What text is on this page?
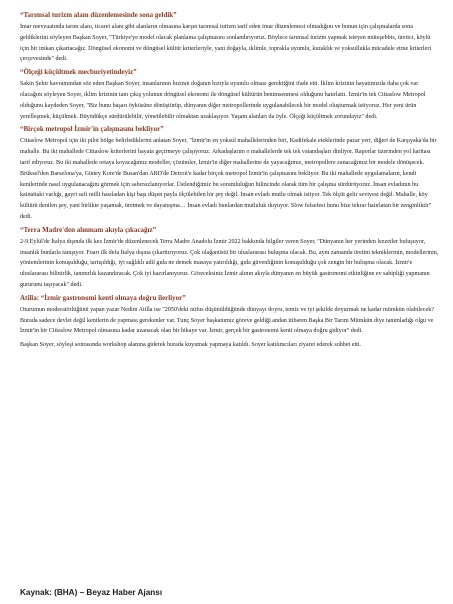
“Tarımsal turizm alanı düzenlemesinde sona geldik”

İmar mevzuatında tarım alanı, ticaret alanı gibi alanların olmasına karşın tarımsal turizm tarif eden imar düzenlemesi olmadığını ve bunun için çalışmalarda sona geldiklerini söyleyen Başkan Soyer, "Türkiye'ye model olacak planlama çalışmasını sonlandırıyoruz. Böylece tarımsal turizm yapmak isteyen müteşebbis, üretici, köylü için bir imkan çıkartacağız. Döngüsel ekonomi ve döngüsel kültür kriterleriyle, yani doğayla, iklimle, toprakla uyumlu, kuraklık ve yoksullukla mücadele etme kriterleri çerçevesinde" dedi.

“Ölçeği küçültmek mecburiyetindeyiz”

Sakin Şehir kavramından söz eden Başkan Soyer, insanlarının hızının doğanın hızıyla uyumlu olması gerektiğini ifade etti. İklim krizinin hayatımızda daha çok var olacağını söyleyen Soyer, iklim krizinin tam çıkış yolunun döngüsel ekonomi ile döngüsel kültürün benimsenmesi olduğunu hatırlattı. İzmir'in tek Cittaslow Metropol olduğunu kaydeden Soyer, "Biz bunu başarı öyküsüne dönüştürüp, dünyanın diğer metropollerinde uygulanabilecek bir model oluşturmak istiyoruz. Her yeni ürün yerelleşmek, küçülmek. Büyüdükçe sürdürülebilir, yönetilebilir olmaktan uzaklaşıyor. Yaşam alanları da öyle. Ölçeği küçültmek zorundayız" dedi.

“Birçok metropol İzmir'in çalışmasını bekliyor”

Cittaslow Metropol için iki pilot bölge belirlediklerini anlatan Soyer, "İzmir'in en yoksul mahallelerinden biri, Kadifekale eteklerinde pazar yeri, diğeri de Karşıyaka'da bir mahalle. Bu iki mahallede Cittaslow kriterlerini hayata geçirmeye çalışıyoruz. Arkadaşlarım o mahallelerde tek tek vatandaşları dinliyor. Raporlar üzerinden yol haritası tarif ediyoruz. Bu iki mahallede ortaya koyacağımız modeller, çözümler, İzmir'in diğer mahallerine de yayacağımız, metropollere sunacağımız bir modele dönüşecek. Brüksel'den Barselona'ya, Güney Kore'de Busan'dan ABD'de Detroit'e kadar birçok metropol İzmir'in çalışmasını bekliyor. Bu iki mahallede uygulamaların, kendi kentlerinde nasıl uygulanacağını görmek için sabırsızlanıyorlar. Üstlendiğimiz bu sorumluluğun bilincinde olarak tüm bir çalışma sürdürüyoruz. İnsan evladının bu kainattaki varlığı, gayri safi milli hasıladan kişi başı düşen payla ölçülebilen bir şey değil. İnsan evladı mutlu olmak istiyor. Tek ölçüt gelir seviyesi değil. Mahalle, köy kültürü denilen şey, yani birlikte yaşamak, üretmek ve dayanışma… İnsan evladı bunlardan mutluluk duyuyor. Slow felsefesi bunu bize tekrar hatırlatan bir zenginliktir" dedi.

“Terra Madre'den alınmam akıyla çıkacağız”

2-9 Eylül'de İtalya dışında ilk kez İzmir'de düzenlenecek Terra Madre Anadolu İzmir 2022 hakkında bilgiler veren Soyer, "Dünyanın her yerinden lezzetler buluşuyor, insanlık bunlarla tanışıyor. Fuarı ilk defa İtalya dışına çıkarttırıyoruz. Çok olağanüstü bir uluslararası buluşma olacak. Bu, aynı zamanda üretim tekniklerinin, modellerinin, yöntemlerinin konuşulduğu, tartışıldığı, iyi sağlıklı adil gıda ne demek masaya yatırıldığı, gıda güvenliğinin konuşulduğu çok zengin bir buluşma olacak. İzmir'e uluslararası bilinirlik, tanınırlık kazandıracak. Çok iyi hazırlanıyoruz. Göreceksiniz İzmir alının akıyla dünyanın en büyük gastronomi etkinliğine ev sahipliği yapmanın gururunu taşıyacak" dedi.

Atilla: “İzmir gastronomi kenti olmaya doğru ilerliyor”

Oturumun moderatörlüğünü yapan yazar Nedim Atilla ise "2050'deki nüfus düşünüldüğünde dünyayı doyru, temiz ve iyi şekilde doyurmak ne kadar mümkün olabilecek? Burada sadece devlet değil kentlerin de yapması gerekenler var. Tunç Soyer başkanımız göreve geldiği andan itibaren Başka Bir Tarım Mümkün diye tanımladığı olgu ve İzmir'in bir Cittaslow Metropol olmasına kadar uzanacak olan bir hikaye var. İzmir, gerçek bir gastronomi kenti olmaya doğru gidiyor" dedi.

Başkan Soyer, söyleşi sonrasında workshop alanına giderek burada kuyumak yapmaya katıldı. Soyer katılımcıları ziyaret ederek sohbet etti.

Kaynak: (BHA) – Beyaz Haber Ajansı
